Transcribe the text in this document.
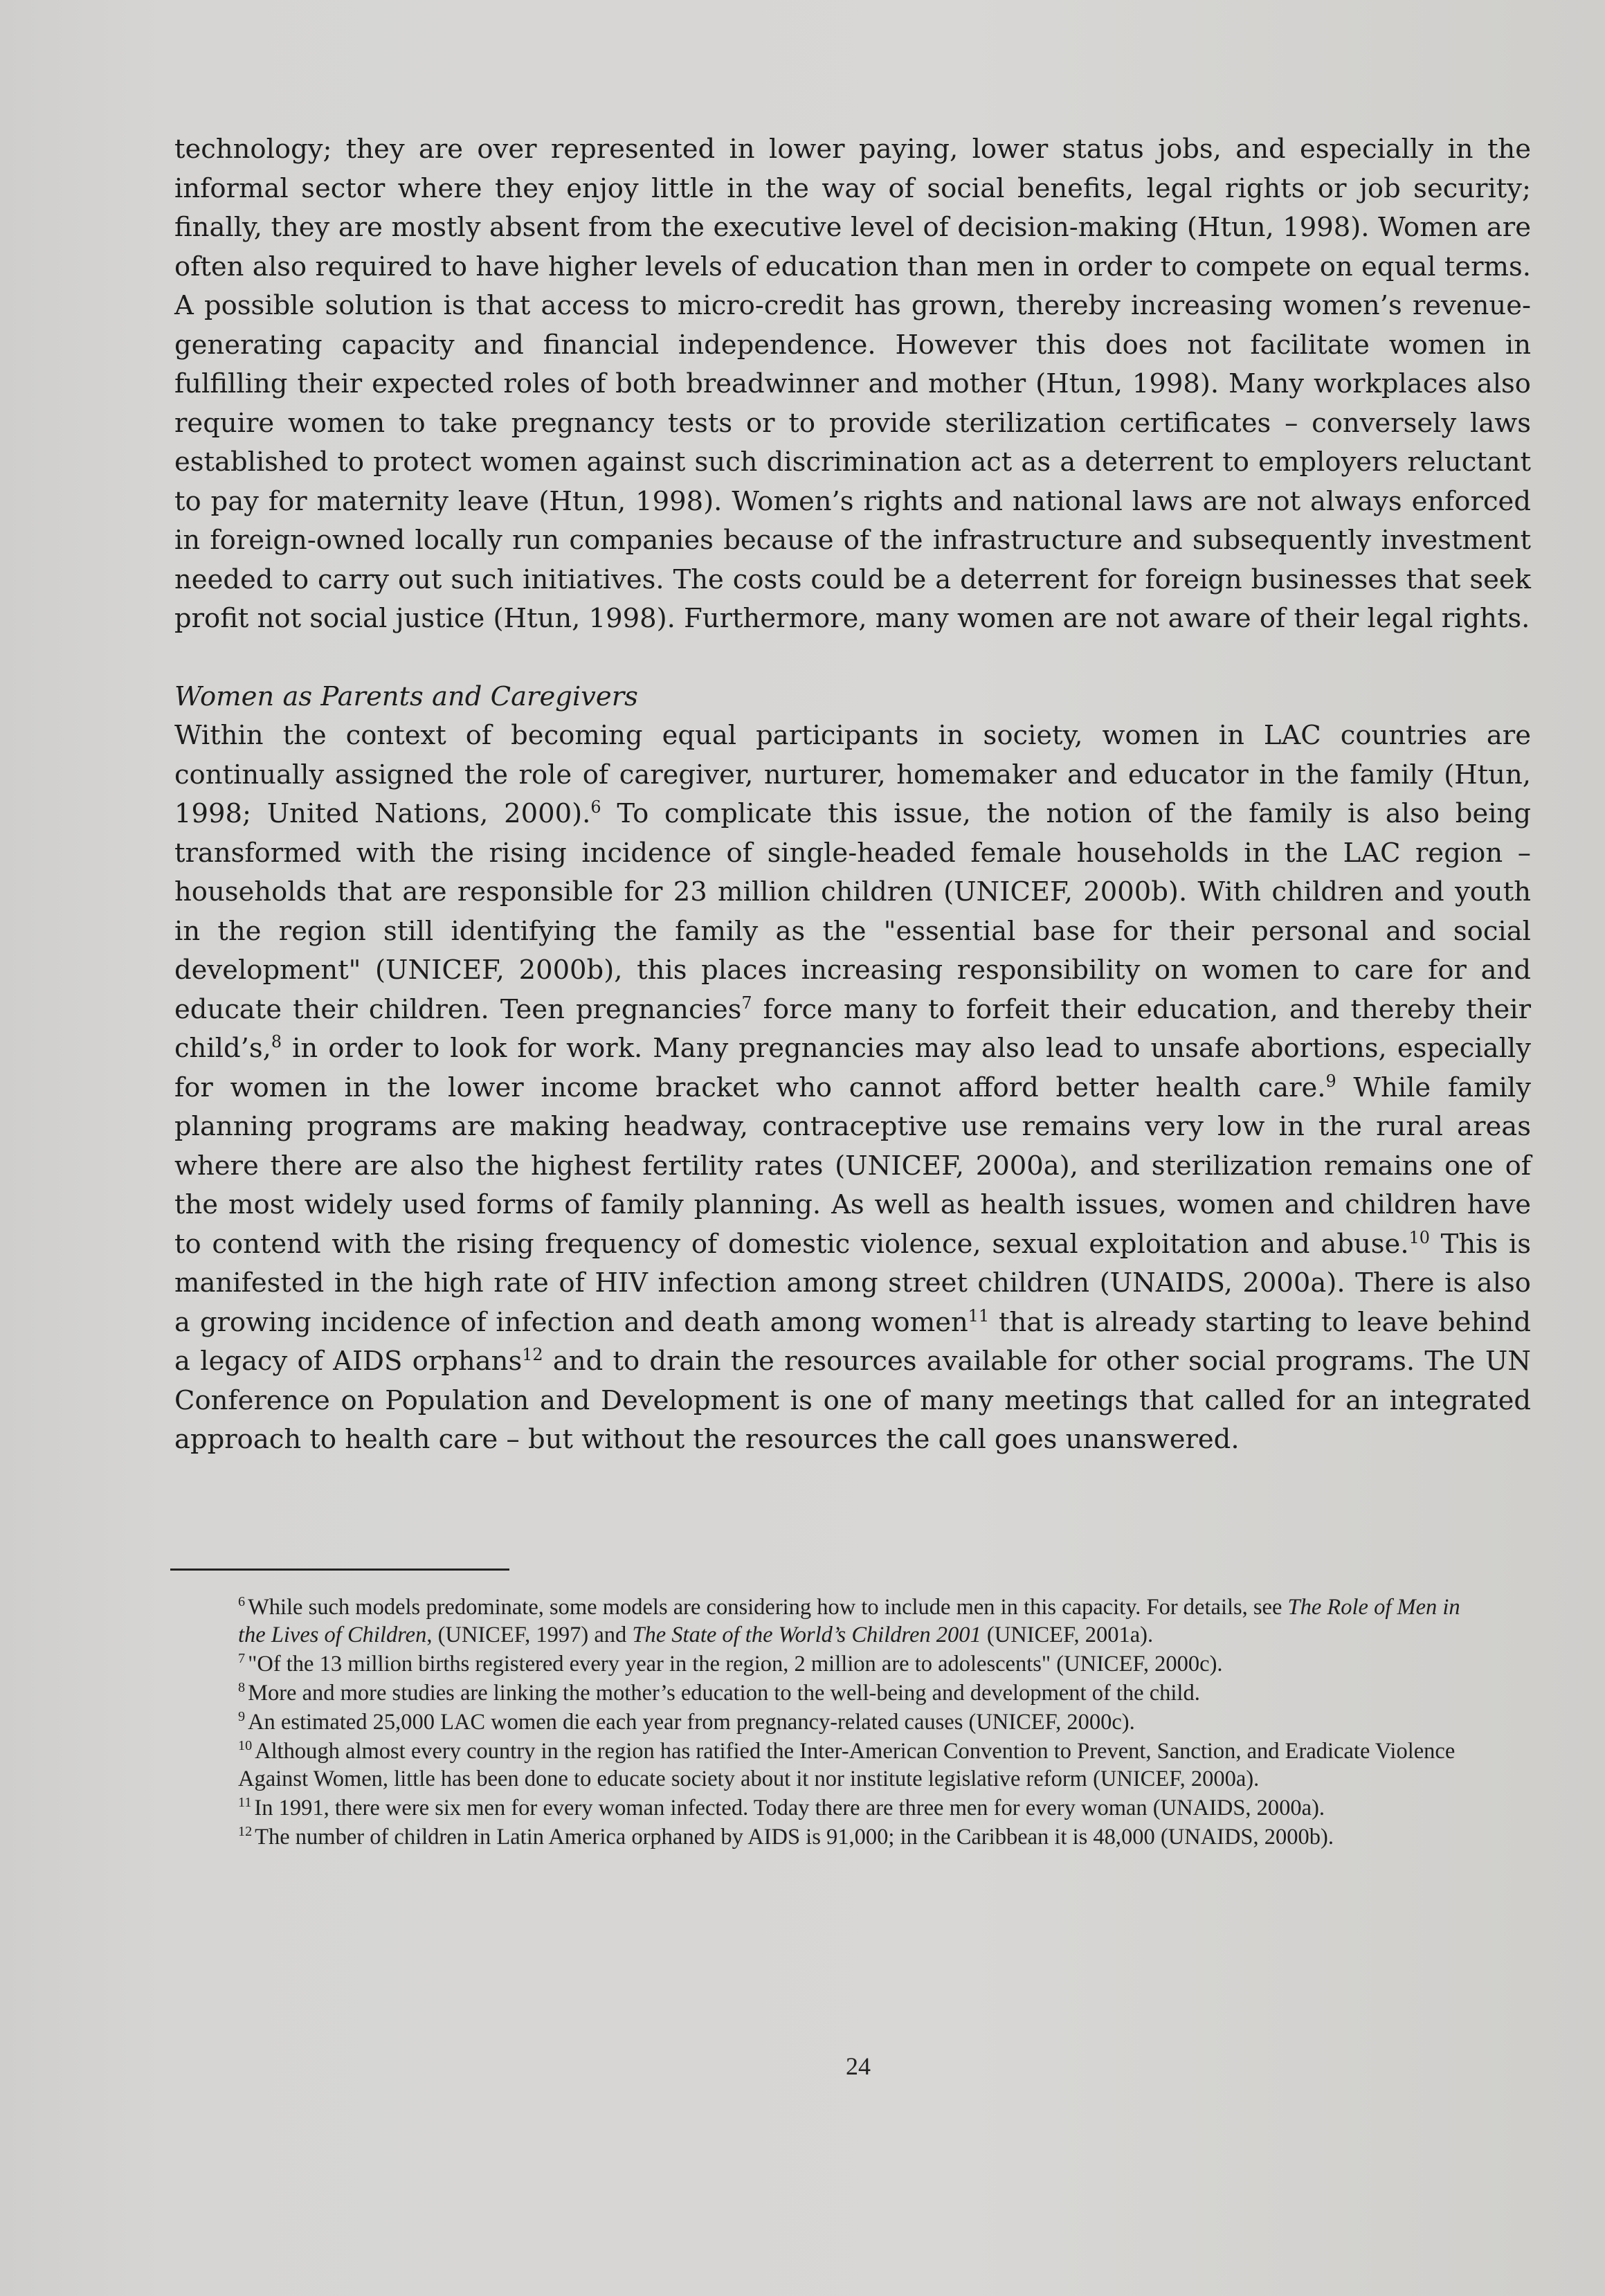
technology; they are over represented in lower paying, lower status jobs, and especially in the informal sector where they enjoy little in the way of social benefits, legal rights or job security; finally, they are mostly absent from the executive level of decision-making (Htun, 1998). Women are often also required to have higher levels of education than men in order to compete on equal terms. A possible solution is that access to micro-credit has grown, thereby increasing women’s revenue-generating capacity and financial independence. However this does not facilitate women in fulfilling their expected roles of both breadwinner and mother (Htun, 1998). Many workplaces also require women to take pregnancy tests or to provide sterilization certificates – conversely laws established to protect women against such discrimination act as a deterrent to employers reluctant to pay for maternity leave (Htun, 1998). Women’s rights and national laws are not always enforced in foreign-owned locally run companies because of the infrastructure and subsequently investment needed to carry out such initiatives. The costs could be a deterrent for foreign businesses that seek profit not social justice (Htun, 1998). Furthermore, many women are not aware of their legal rights.

Women as Parents and Caregivers

Within the context of becoming equal participants in society, women in LAC countries are continually assigned the role of caregiver, nurturer, homemaker and educator in the family (Htun, 1998; United Nations, 2000).$^6$ To complicate this issue, the notion of the family is also being transformed with the rising incidence of single-headed female households in the LAC region – households that are responsible for 23 million children (UNICEF, 2000b). With children and youth in the region still identifying the family as the "essential base for their personal and social development" (UNICEF, 2000b), this places increasing responsibility on women to care for and educate their children. Teen pregnancies$^7$ force many to forfeit their education, and thereby their child’s,$^8$ in order to look for work. Many pregnancies may also lead to unsafe abortions, especially for women in the lower income bracket who cannot afford better health care.$^9$ While family planning programs are making headway, contraceptive use remains very low in the rural areas where there are also the highest fertility rates (UNICEF, 2000a), and sterilization remains one of the most widely used forms of family planning. As well as health issues, women and children have to contend with the rising frequency of domestic violence, sexual exploitation and abuse.$^{10}$ This is manifested in the high rate of HIV infection among street children (UNAIDS, 2000a). There is also a growing incidence of infection and death among women$^{11}$ that is already starting to leave behind a legacy of AIDS orphans$^{12}$ and to drain the resources available for other social programs. The UN Conference on Population and Development is one of many meetings that called for an integrated approach to health care – but without the resources the call goes unanswered.

$^6$ While such models predominate, some models are considering how to include men in this capacity. For details, see The Role of Men in the Lives of Children, (UNICEF, 1997) and The State of the World’s Children 2001 (UNICEF, 2001a).

$^7$ "Of the 13 million births registered every year in the region, 2 million are to adolescents" (UNICEF, 2000c).

$^8$ More and more studies are linking the mother’s education to the well-being and development of the child.

$^9$ An estimated 25,000 LAC women die each year from pregnancy-related causes (UNICEF, 2000c).

$^{10}$ Although almost every country in the region has ratified the Inter-American Convention to Prevent, Sanction, and Eradicate Violence Against Women, little has been done to educate society about it nor institute legislative reform (UNICEF, 2000a).

$^{11}$ In 1991, there were six men for every woman infected. Today there are three men for every woman (UNAIDS, 2000a).

$^{12}$ The number of children in Latin America orphaned by AIDS is 91,000; in the Caribbean it is 48,000 (UNAIDS, 2000b).

24
